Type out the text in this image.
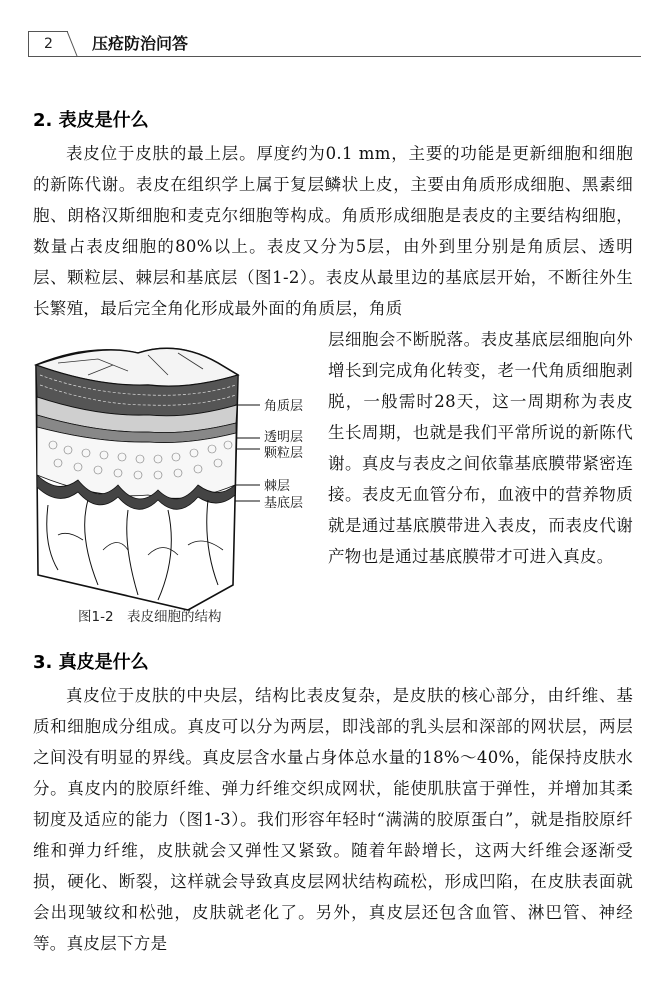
2	压疮防治问答
2. 表皮是什么

表皮位于皮肤的最上层。厚度约为0.1 mm，主要的功能是更新细胞和细胞的新陈代谢。表皮在组织学上属于复层鳞状上皮，主要由角质形成细胞、黑素细胞、朗格汉斯细胞和麦克尔细胞等构成。角质形成细胞是表皮的主要结构细胞，数量占表皮细胞的80%以上。表皮又分为5层，由外到里分别是角质层、透明层、颗粒层、棘层和基底层（图1-2）。表皮从最里边的基底层开始，不断往外生长繁殖，最后完全角化形成最外面的角质层，角质

层细胞会不断脱落。表皮基底层细胞向外增长到完成角化转变，老一代角质细胞剥脱，一般需时28天，这一周期称为表皮生长周期，也就是我们平常所说的新陈代谢。真皮与表皮之间依靠基底膜带紧密连接。表皮无血管分布，血液中的营养物质就是通过基底膜带进入表皮，而表皮代谢产物也是通过基底膜带才可进入真皮。

角质层
透明层
颗粒层
棘层
基底层
图1-2　表皮细胞的结构
3. 真皮是什么

真皮位于皮肤的中央层，结构比表皮复杂，是皮肤的核心部分，由纤维、基质和细胞成分组成。真皮可以分为两层，即浅部的乳头层和深部的网状层，两层之间没有明显的界线。真皮层含水量占身体总水量的18%～40%，能保持皮肤水分。真皮内的胶原纤维、弹力纤维交织成网状，能使肌肤富于弹性，并增加其柔韧度及适应的能力（图1-3）。我们形容年轻时“满满的胶原蛋白”，就是指胶原纤维和弹力纤维，皮肤就会又弹性又紧致。随着年龄增长，这两大纤维会逐渐受损，硬化、断裂，这样就会导致真皮层网状结构疏松，形成凹陷，在皮肤表面就会出现皱纹和松弛，皮肤就老化了。另外，真皮层还包含血管、淋巴管、神经等。真皮层下方是
